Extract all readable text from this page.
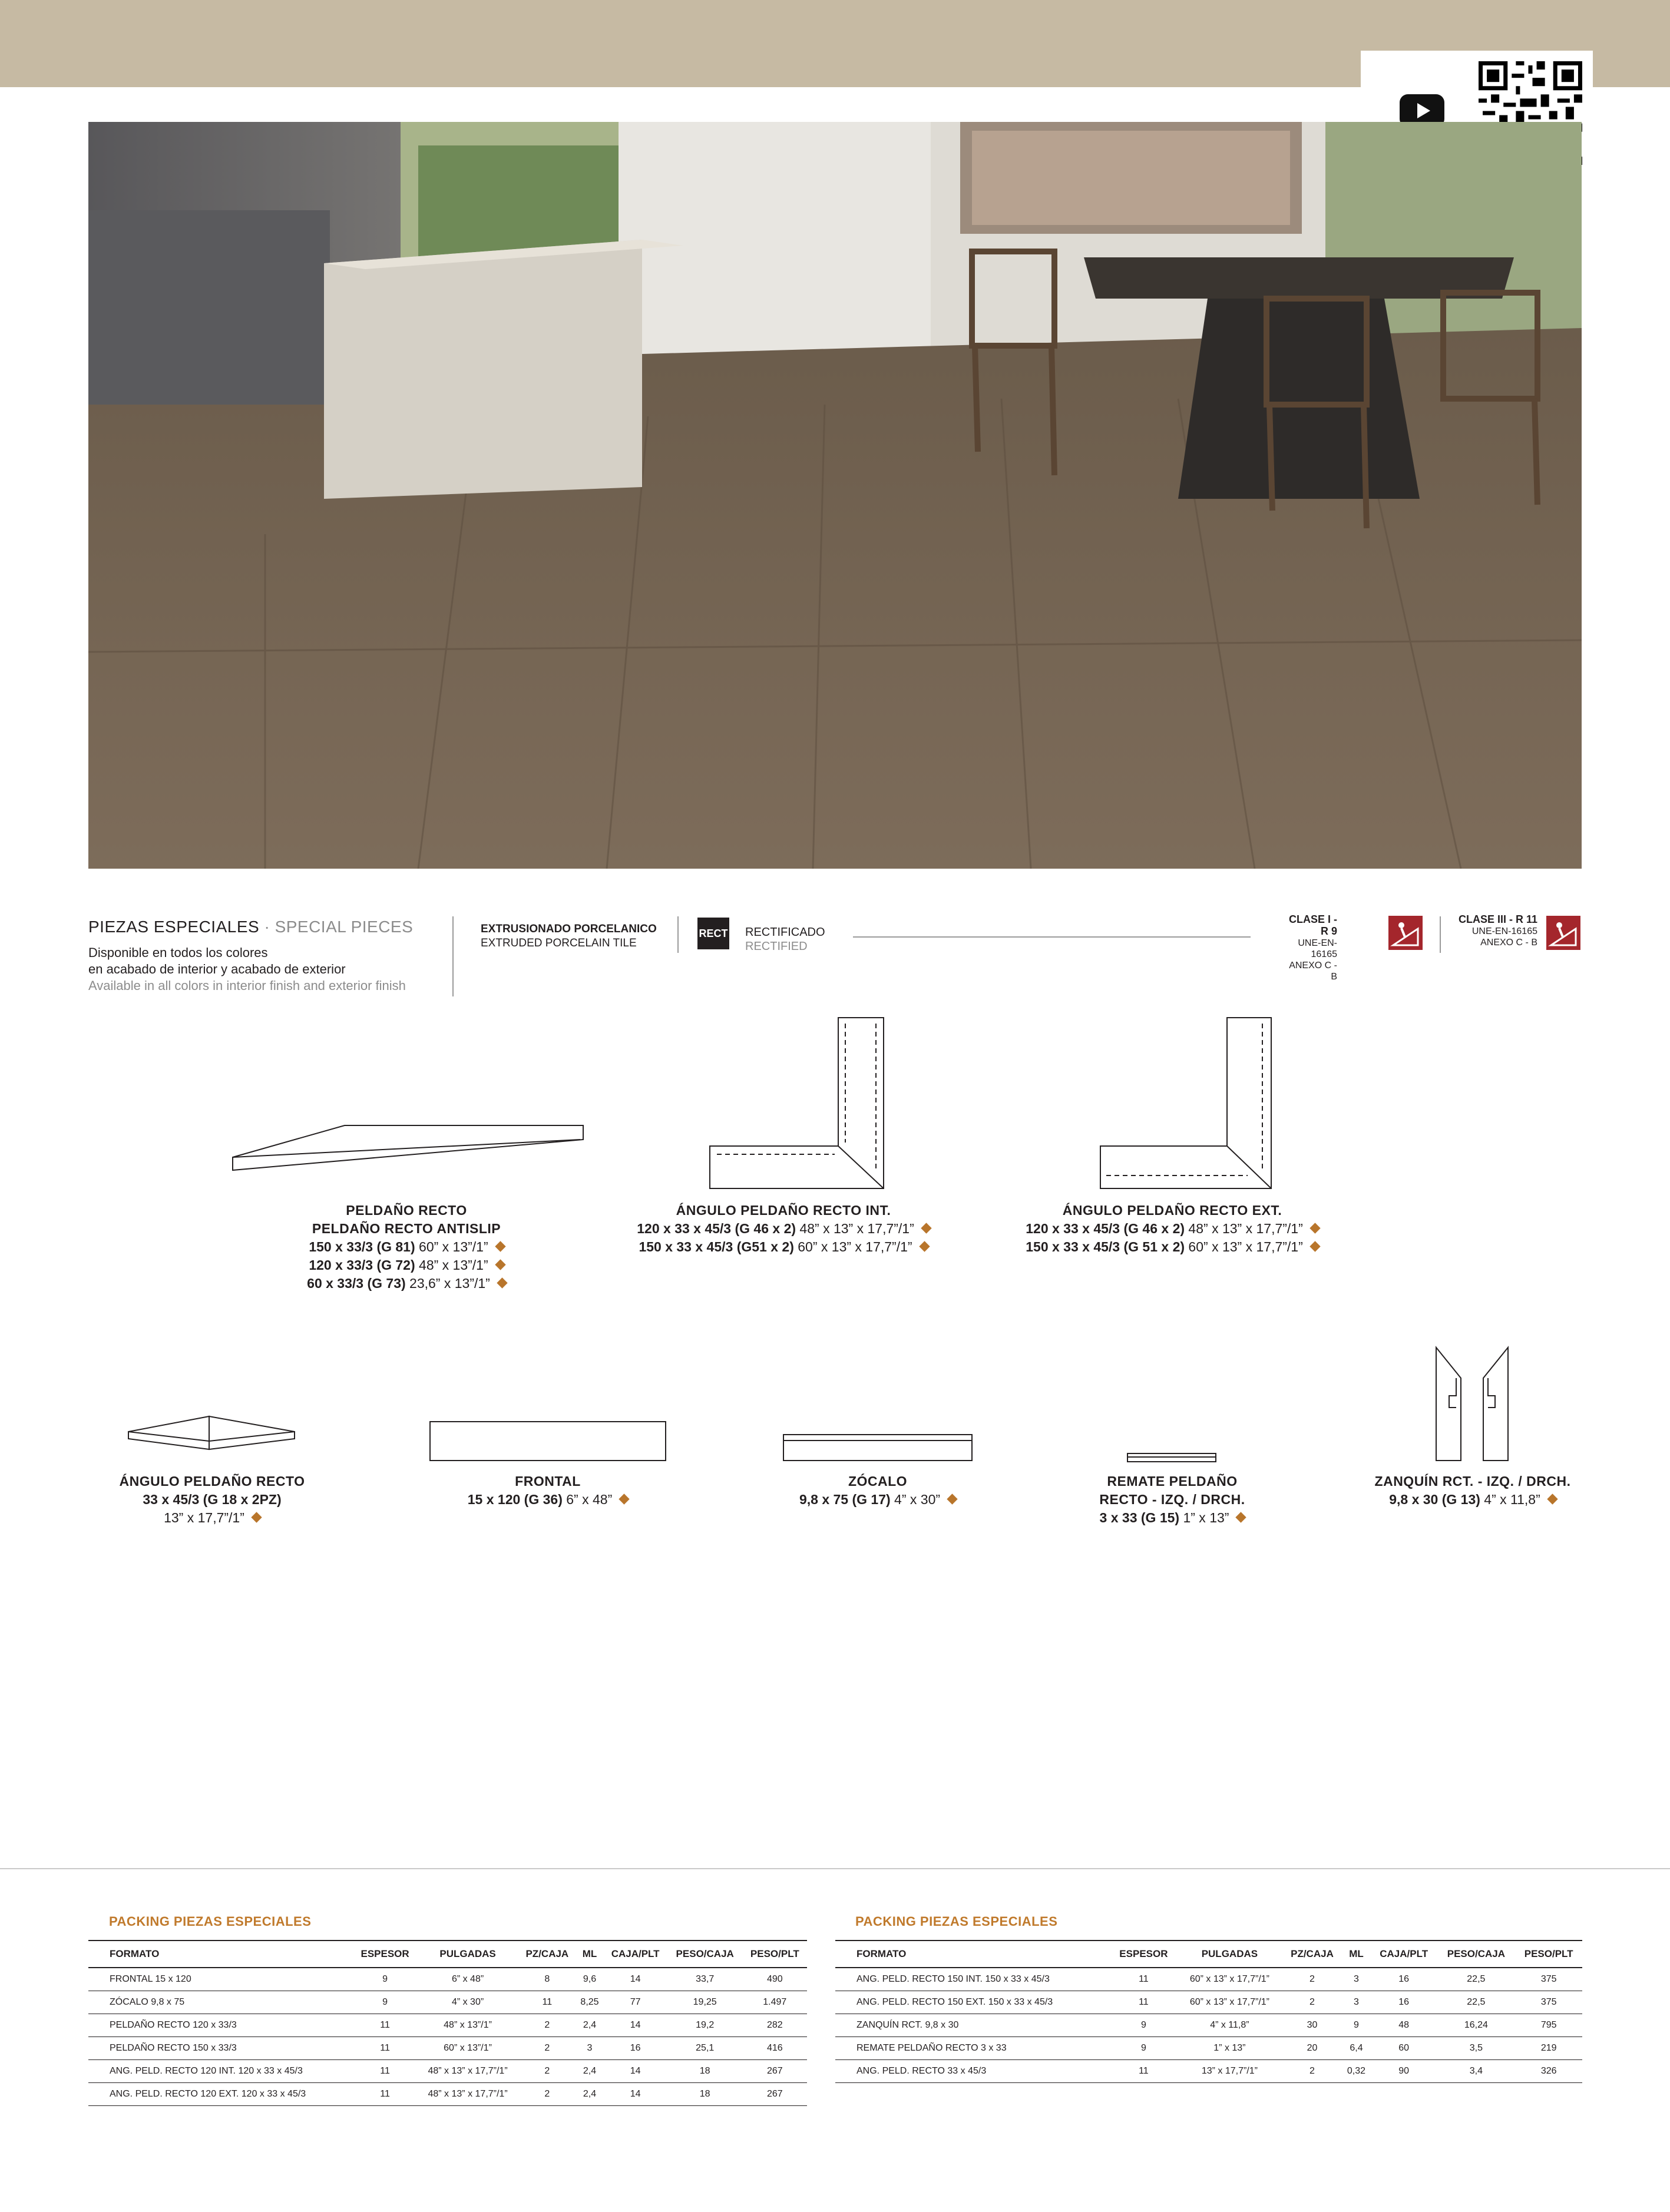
PIEZAS ESPECIALES · SPECIAL PIECES
Disponible en todos los colores
en acabado de interior y acabado de exterior
Available in all colors in interior finish and exterior finish
EXTRUSIONADO PORCELANICO
EXTRUDED PORCELAIN TILE
RECT RECTIFICADO
RECTIFIED
CLASE I - R 9
UNE-EN-16165
ANEXO C - B
CLASE III - R 11
UNE-EN-16165
ANEXO C - B
PELDAÑO RECTO
PELDAÑO RECTO ANTISLIP
150 x 33/3 (G 81) 60” x 13”/1”
120 x 33/3 (G 72) 48” x 13”/1”
60 x 33/3 (G 73) 23,6” x 13”/1”
ÁNGULO PELDAÑO RECTO INT.
120 x 33 x 45/3 (G 46 x 2) 48” x 13” x 17,7”/1”
150 x 33 x 45/3 (G51 x 2) 60” x 13” x 17,7”/1”
ÁNGULO PELDAÑO RECTO EXT.
120 x 33 x 45/3 (G 46 x 2) 48” x 13” x 17,7”/1”
150 x 33 x 45/3 (G 51 x 2) 60” x 13” x 17,7”/1”
ÁNGULO PELDAÑO RECTO
33 x 45/3 (G 18 x 2PZ)
13” x 17,7”/1”
FRONTAL
15 x 120 (G 36) 6” x 48”
ZÓCALO
9,8 x 75 (G 17) 4” x 30”
REMATE PELDAÑO
RECTO - IZQ. / DRCH.
3 x 33 (G 15) 1” x 13”
ZANQUÍN RCT. - IZQ. / DRCH.
9,8 x 30 (G 13) 4” x 11,8”
PACKING PIEZAS ESPECIALES
FORMATO	ESPESOR	PULGADAS	PZ/CAJA	ML	CAJA/PLT	PESO/CAJA	PESO/PLT
FRONTAL 15 x 120	9	6” x 48”	8	9,6	14	33,7	490
ZÓCALO 9,8 x 75	9	4” x 30”	11	8,25	77	19,25	1.497
PELDAÑO RECTO 120 x 33/3	11	48” x 13”/1”	2	2,4	14	19,2	282
PELDAÑO RECTO 150 x 33/3	11	60” x 13”/1”	2	3	16	25,1	416
ANG. PELD. RECTO 120 INT. 120 x 33 x 45/3	11	48” x 13” x 17,7”/1”	2	2,4	14	18	267
ANG. PELD. RECTO 120 EXT. 120 x 33 x 45/3	11	48” x 13” x 17,7”/1”	2	2,4	14	18	267
PACKING PIEZAS ESPECIALES
FORMATO	ESPESOR	PULGADAS	PZ/CAJA	ML	CAJA/PLT	PESO/CAJA	PESO/PLT
ANG. PELD. RECTO 150 INT. 150 x 33 x 45/3	11	60” x 13” x 17,7”/1”	2	3	16	22,5	375
ANG. PELD. RECTO 150 EXT. 150 x 33 x 45/3	11	60” x 13” x 17,7”/1”	2	3	16	22,5	375
ZANQUÍN RCT. 9,8 x 30	9	4” x 11,8”	30	9	48	16,24	795
REMATE PELDAÑO RECTO 3 x 33	9	1” x 13”	20	6,4	60	3,5	219
ANG. PELD. RECTO 33 x 45/3	11	13” x 17,7”/1”	2	0,32	90	3,4	326
